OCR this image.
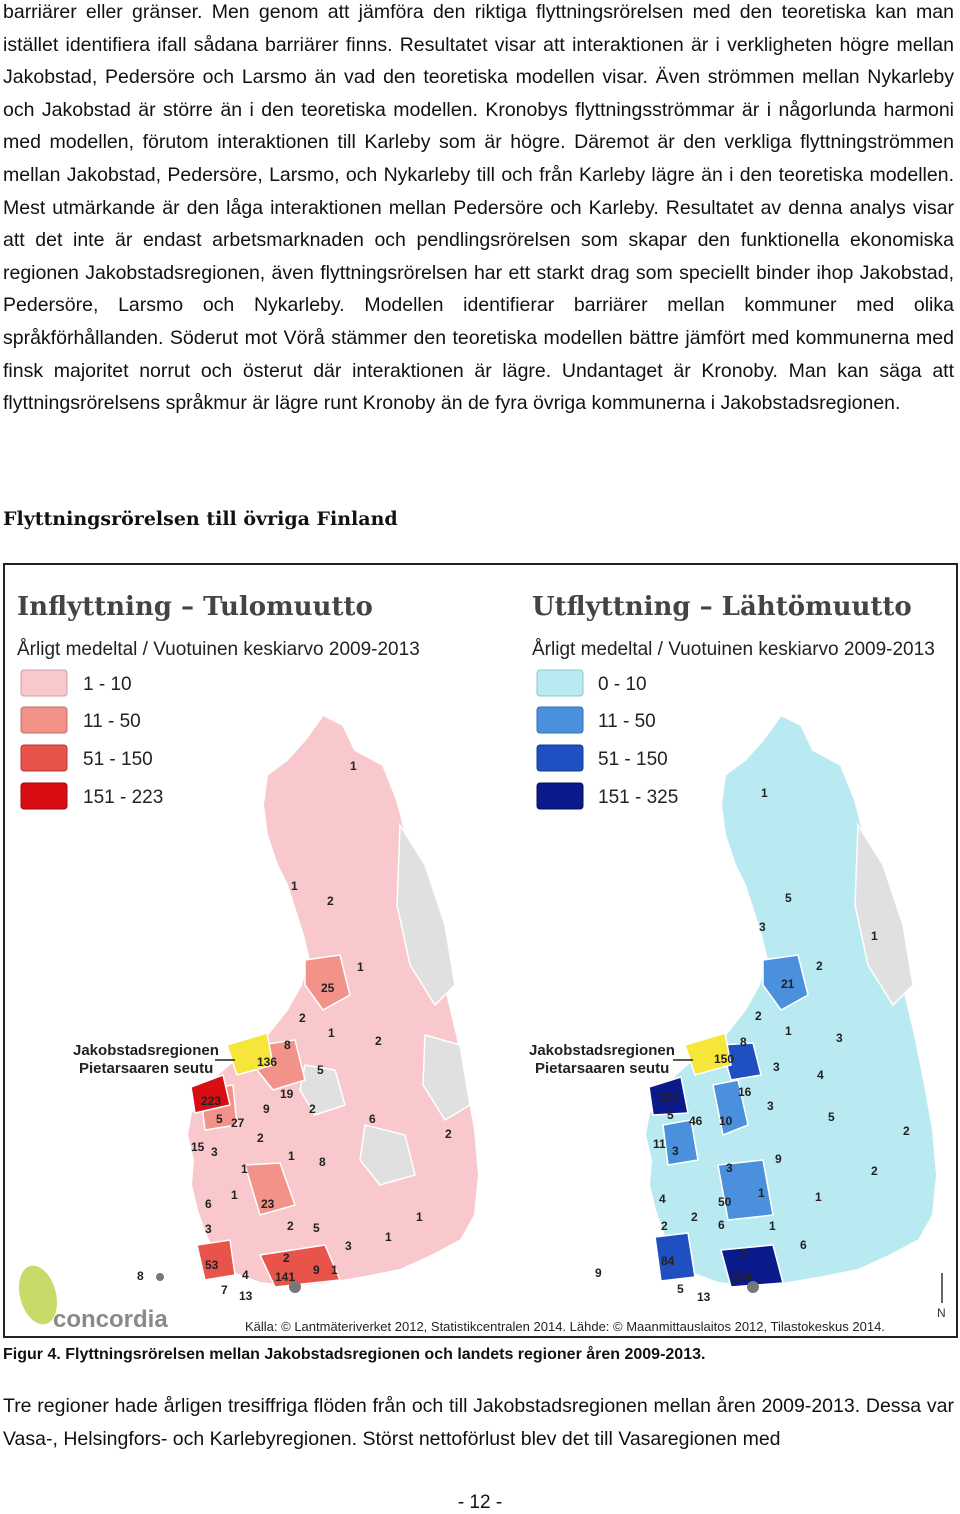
barriärer eller gränser. Men genom att jämföra den riktiga flyttningsrörelsen med den teoretiska kan man istället identifiera ifall sådana barriärer finns. Resultatet visar att interaktionen är i verkligheten högre mellan Jakobstad, Pedersöre och Larsmo än vad den teoretiska modellen visar. Även strömmen mellan Nykarleby och Jakobstad är större än i den teoretiska modellen. Kronobys flyttningsströmmar är i någorlunda harmoni med modellen, förutom interaktionen till Karleby som är högre. Däremot är den verkliga flyttningströmmen mellan Jakobstad, Pedersöre, Larsmo, och Nykarleby till och från Karleby lägre än i den teoretiska modellen. Mest utmärkande är den låga interaktionen mellan Pedersöre och Karleby. Resultatet av denna analys visar att det inte är endast arbetsmarknaden och pendlingsrörelsen som skapar den funktionella ekonomiska regionen Jakobstadsregionen, även flyttningsrörelsen har ett starkt drag som speciellt binder ihop Jakobstad, Pedersöre, Larsmo och Nykarleby. Modellen identifierar barriärer mellan kommuner med olika språkförhållanden. Söderut mot Vörå stämmer den teoretiska modellen bättre jämfört med kommunerna med finsk majoritet norrut och österut där interaktionen är lägre. Undantaget är Kronoby. Man kan säga att flyttningsrörelsens språkmur är lägre runt Kronoby än de fyra övriga kommunerna i Jakobstadsregionen.

Flyttningsrörelsen till övriga Finland
Inflyttning – Tulomuutto
Årligt medeltal / Vuotuinen keskiarvo 2009-2013
1 - 10
11 - 50
51 - 150
151 - 223
Jakobstadsregionen
Pietarsaaren seutu
1
1
2
1
25
2
1
2
8
136
5
19
223
5 27
9	2
6
2
15 3
2
1 8
1
1
23
6
1
3	2 5
3
1
53
4
2
9 1
8
7
141
13
Utflyttning – Lähtömuutto
Årligt medeltal / Vuotuinen keskiarvo 2009-2013
0 - 10
11 - 50
51 - 150
151 - 325
Jakobstadsregionen
Pietarsaaren seutu
1
5
3
1
2
21
2
1	3
8
150
3
4
325	16
5
3
5
46 10
2
11 3
9
2
3
1
1
50
4
2
6	1
2
6
84	2
204
9
5
13
concordia	N
Källa: © Lantmäteriverket 2012, Statistikcentralen 2014. Lähde: © Maanmittauslaitos 2012, Tilastokeskus 2014.

Figur 4. Flyttningsrörelsen mellan Jakobstadsregionen och landets regioner åren 2009-2013.

Tre regioner hade årligen tresiffriga flöden från och till Jakobstadsregionen mellan åren 2009-2013. Dessa var Vasa-, Helsingfors- och Karlebyregionen. Störst nettoförlust blev det till Vasaregionen med

- 12 -
